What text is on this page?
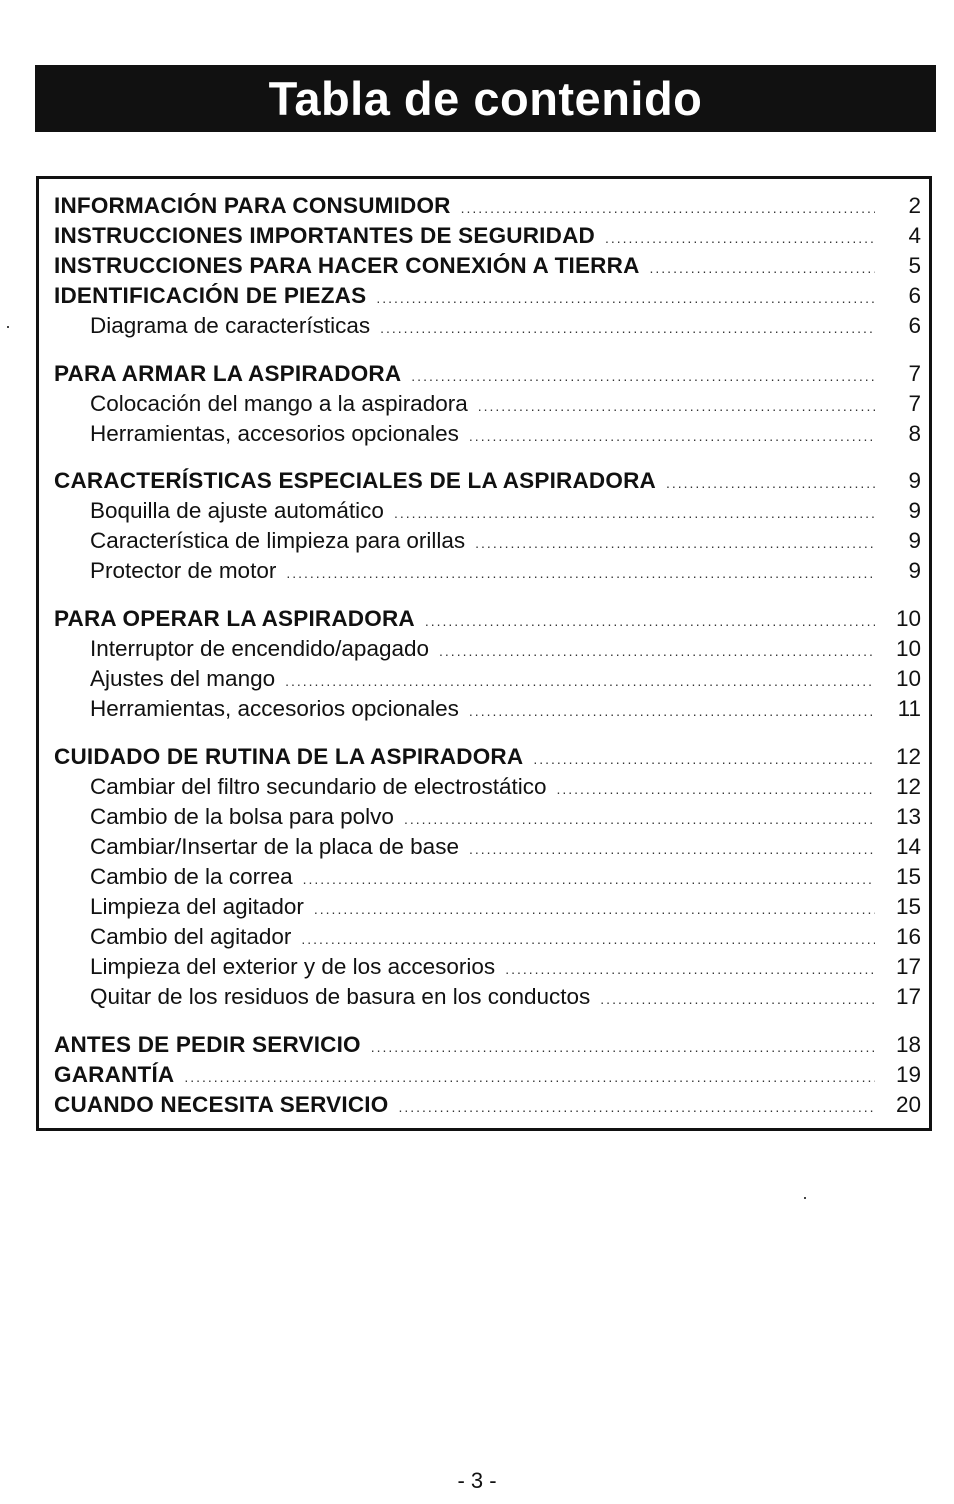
Tabla de contenido
INFORMACIÓN PARA CONSUMIDOR .....	2
INSTRUCCIONES IMPORTANTES DE SEGURIDAD .....	4
INSTRUCCIONES PARA HACER CONEXIÓN A TIERRA .....	5
IDENTIFICACIÓN DE PIEZAS .....	6
Diagrama de características .....	6
PARA ARMAR LA ASPIRADORA .....	7
Colocación del mango a la aspiradora .....	7
Herramientas, accesorios opcionales .....	8
CARACTERÍSTICAS ESPECIALES DE LA ASPIRADORA .....	9
Boquilla de ajuste automático .....	9
Característica de limpieza para orillas .....	9
Protector de motor .....	9
PARA OPERAR LA ASPIRADORA .....	10
Interruptor de encendido/apagado .....	10
Ajustes del mango .....	10
Herramientas, accesorios opcionales .....	11
CUIDADO DE RUTINA DE LA ASPIRADORA .....	12
Cambiar del filtro secundario de electrostático .....	12
Cambio de la bolsa para polvo .....	13
Cambiar/Insertar de la placa de base .....	14
Cambio de la correa .....	15
Limpieza del agitador .....	15
Cambio del agitador .....	16
Limpieza del exterior y de los accesorios .....	17
Quitar de los residuos de basura en los conductos .....	17
ANTES DE PEDIR SERVICIO .....	18
GARANTÍA .....	19
CUANDO NECESITA SERVICIO .....	20
- 3 -
